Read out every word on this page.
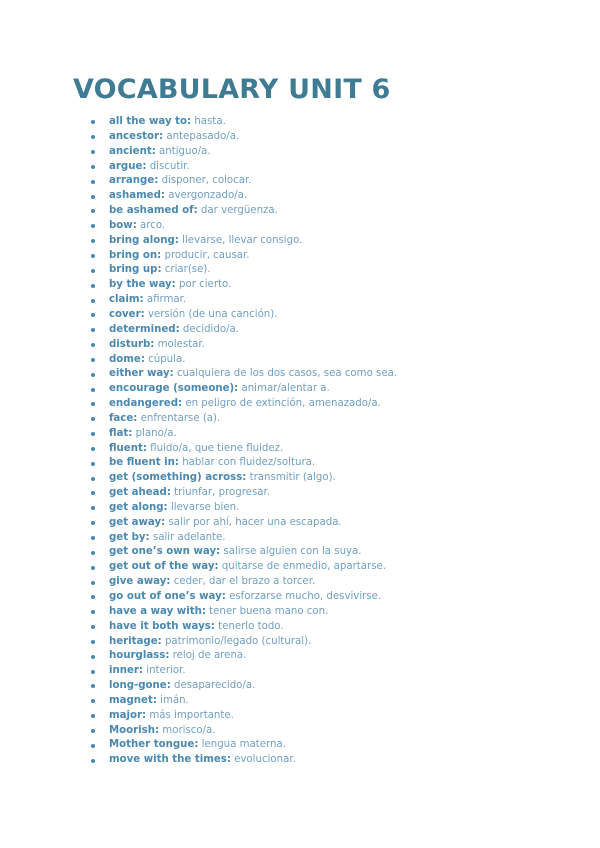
VOCABULARY UNIT 6
all the way to: hasta.
ancestor: antepasado/a.
ancient: antiguo/a.
argue: discutir.
arrange: disponer, colocar.
ashamed: avergonzado/a.
be ashamed of: dar vergüenza.
bow: arco.
bring along: llevarse, llevar consigo.
bring on: producir, causar.
bring up: criar(se).
by the way: por cierto.
claim: afirmar.
cover: versión (de una canción).
determined: decidido/a.
disturb: molestar.
dome: cúpula.
either way: cualquiera de los dos casos, sea como sea.
encourage (someone): animar/alentar a.
endangered: en peligro de extinción, amenazado/a.
face: enfrentarse (a).
flat: plano/a.
fluent: fluido/a, que tiene fluidez.
be fluent in: hablar con fluidez/soltura.
get (something) across: transmitir (algo).
get ahead: triunfar, progresar.
get along: llevarse bien.
get away: salir por ahí, hacer una escapada.
get by: salir adelante.
get one’s own way: salirse alguien con la suya.
get out of the way: quitarse de enmedio, apartarse.
give away: ceder, dar el brazo a torcer.
go out of one’s way: esforzarse mucho, desvivirse.
have a way with: tener buena mano con.
have it both ways: tenerlo todo.
heritage: patrimonio/legado (cultural).
hourglass: reloj de arena.
inner: interior.
long-gone: desaparecido/a.
magnet: imán.
major: más importante.
Moorish: morisco/a.
Mother tongue: lengua materna.
move with the times: evolucionar.
